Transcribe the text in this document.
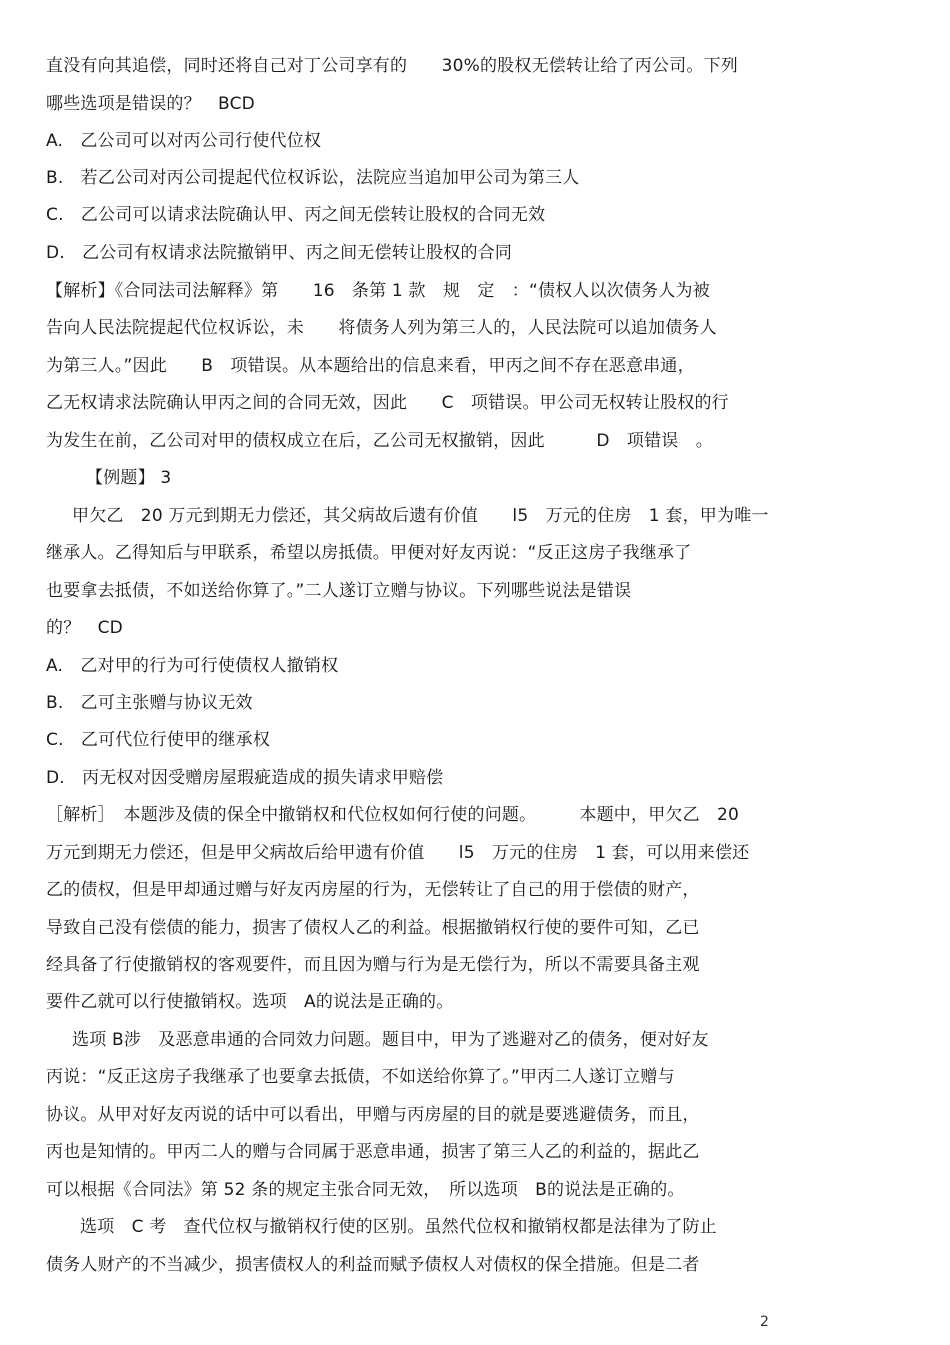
直没有向其追偿，同时还将自己对丁公司享有的　　30%的股权无偿转让给了丙公司。下列
哪些选项是错误的？　BCD
A.　乙公司可以对丙公司行使代位权
B.　若乙公司对丙公司提起代位权诉讼，法院应当追加甲公司为第三人
C.　乙公司可以请求法院确认甲、丙之间无偿转让股权的合同无效
D.　乙公司有权请求法院撤销甲、丙之间无偿转让股权的合同
【解析】《合同法司法解释》第　　16　条第 1 款　规　定　：“债权人以次债务人为被
告向人民法院提起代位权诉讼，未　　将债务人列为第三人的，人民法院可以追加债务人
为第三人。”因此　　B　项错误。从本题给出的信息来看，甲丙之间不存在恶意串通，
乙无权请求法院确认甲丙之间的合同无效，因此　　C　项错误。甲公司无权转让股权的行
为发生在前，乙公司对甲的债权成立在后，乙公司无权撤销，因此　　　D　项错误　。
【例题】 3
甲欠乙　20 万元到期无力偿还，其父病故后遗有价值　　l5　万元的住房　1 套，甲为唯一
继承人。乙得知后与甲联系，希望以房抵债。甲便对好友丙说：“反正这房子我继承了
也要拿去抵债，不如送给你算了。”二人遂订立赠与协议。下列哪些说法是错误
的？　CD
A.　乙对甲的行为可行使债权人撤销权
B.　乙可主张赠与协议无效
C.　乙可代位行使甲的继承权
D.　丙无权对因受赠房屋瑕疵造成的损失请求甲赔偿
［解析］　本题涉及债的保全中撤销权和代位权如何行使的问题。　　　本题中，甲欠乙　20
万元到期无力偿还，但是甲父病故后给甲遗有价值　　l5　万元的住房　1 套，可以用来偿还
乙的债权，但是甲却通过赠与好友丙房屋的行为，无偿转让了自己的用于偿债的财产，
导致自己没有偿债的能力，损害了债权人乙的利益。根据撤销权行使的要件可知，乙已
经具备了行使撤销权的客观要件，而且因为赠与行为是无偿行为，所以不需要具备主观
要件乙就可以行使撤销权。选项　A的说法是正确的。
选项 B涉　及恶意串通的合同效力问题。题目中，甲为了逃避对乙的债务，便对好友
丙说：“反正这房子我继承了也要拿去抵债，不如送给你算了。”甲丙二人遂订立赠与
协议。从甲对好友丙说的话中可以看出，甲赠与丙房屋的目的就是要逃避债务，而且，
丙也是知情的。甲丙二人的赠与合同属于恶意串通，损害了第三人乙的利益的，据此乙
可以根据《合同法》第 52 条的规定主张合同无效，　所以选项　B的说法是正确的。
选项　C 考　查代位权与撤销权行使的区别。虽然代位权和撤销权都是法律为了防止
债务人财产的不当减少，损害债权人的利益而赋予债权人对债权的保全措施。但是二者
2
